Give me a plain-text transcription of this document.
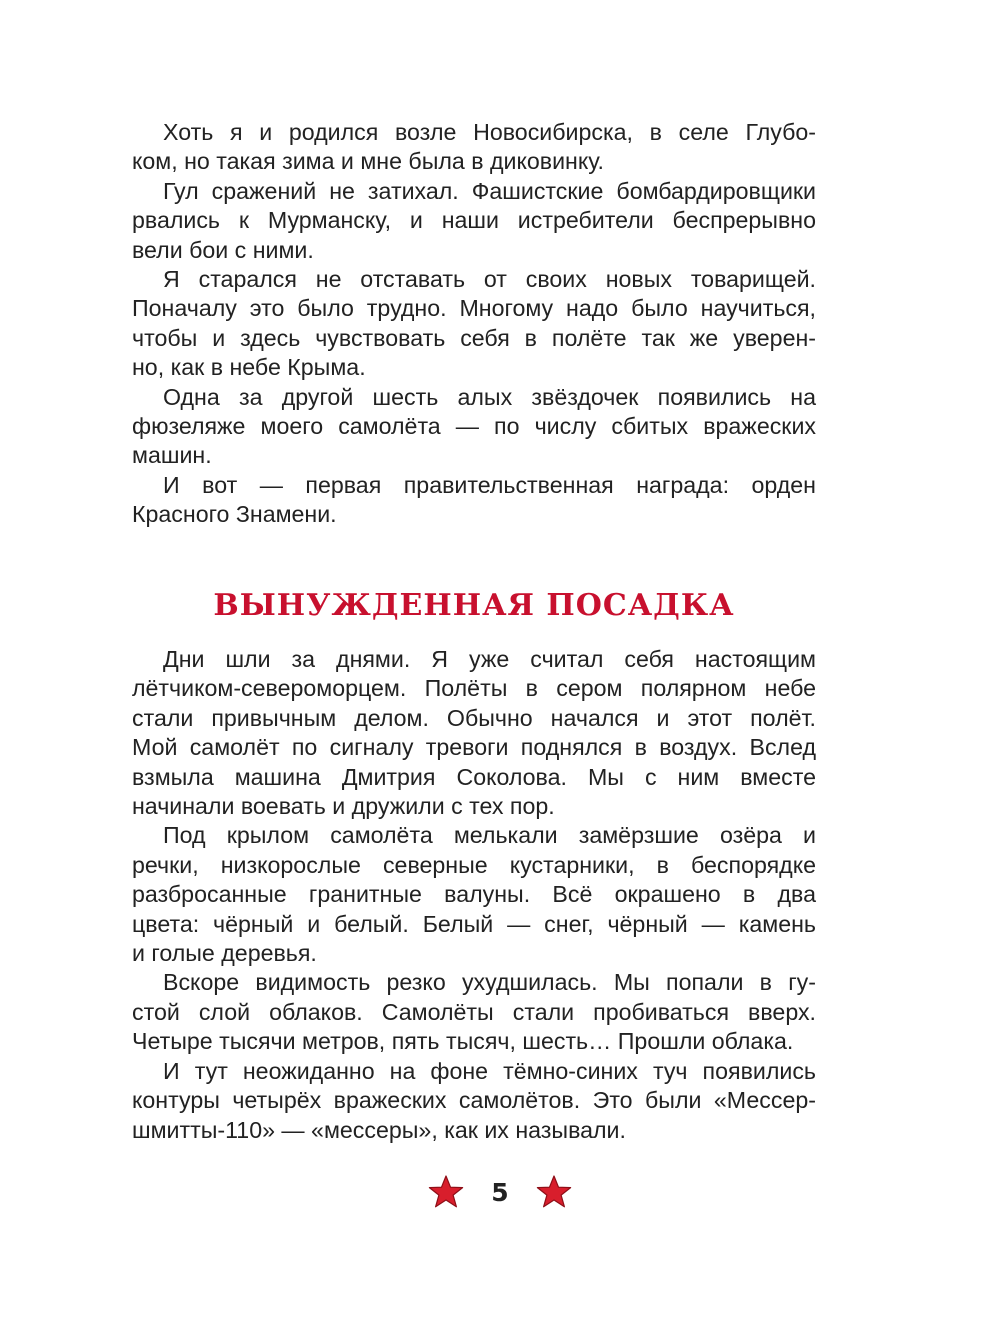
Хоть я и родился возле Новосибирска, в селе Глубо-
ком, но такая зима и мне была в диковинку.

Гул сражений не затихал. Фашистские бомбардировщики
рвались к Мурманску, и наши истребители беспрерывно
вели бои с ними.

Я старался не отставать от своих новых товарищей.
Поначалу это было трудно. Многому надо было научиться,
чтобы и здесь чувствовать себя в полёте так же уверен-
но, как в небе Крыма.

Одна за другой шесть алых звёздочек появились на
фюзеляже моего самолёта — по числу сбитых вражеских
машин.

И вот — первая правительственная награда: орден
Красного Знамени.

ВЫНУЖДЕННАЯ ПОСАДКА

Дни шли за днями. Я уже считал себя настоящим
лётчиком-североморцем. Полёты в сером полярном небе
стали привычным делом. Обычно начался и этот полёт.
Мой самолёт по сигналу тревоги поднялся в воздух. Вслед
взмыла машина Дмитрия Соколова. Мы с ним вместе
начинали воевать и дружили с тех пор.

Под крылом самолёта мелькали замёрзшие озёра и
речки, низкорослые северные кустарники, в беспорядке
разбросанные гранитные валуны. Всё окрашено в два
цвета: чёрный и белый. Белый — снег, чёрный — камень
и голые деревья.

Вскоре видимость резко ухудшилась. Мы попали в гу-
стой слой облаков. Самолёты стали пробиваться вверх.
Четыре тысячи метров, пять тысяч, шесть… Прошли облака.

И тут неожиданно на фоне тёмно-синих туч появились
контуры четырёх вражеских самолётов. Это были «Мессер-
шмитты-110» — «мессеры», как их называли.

5
